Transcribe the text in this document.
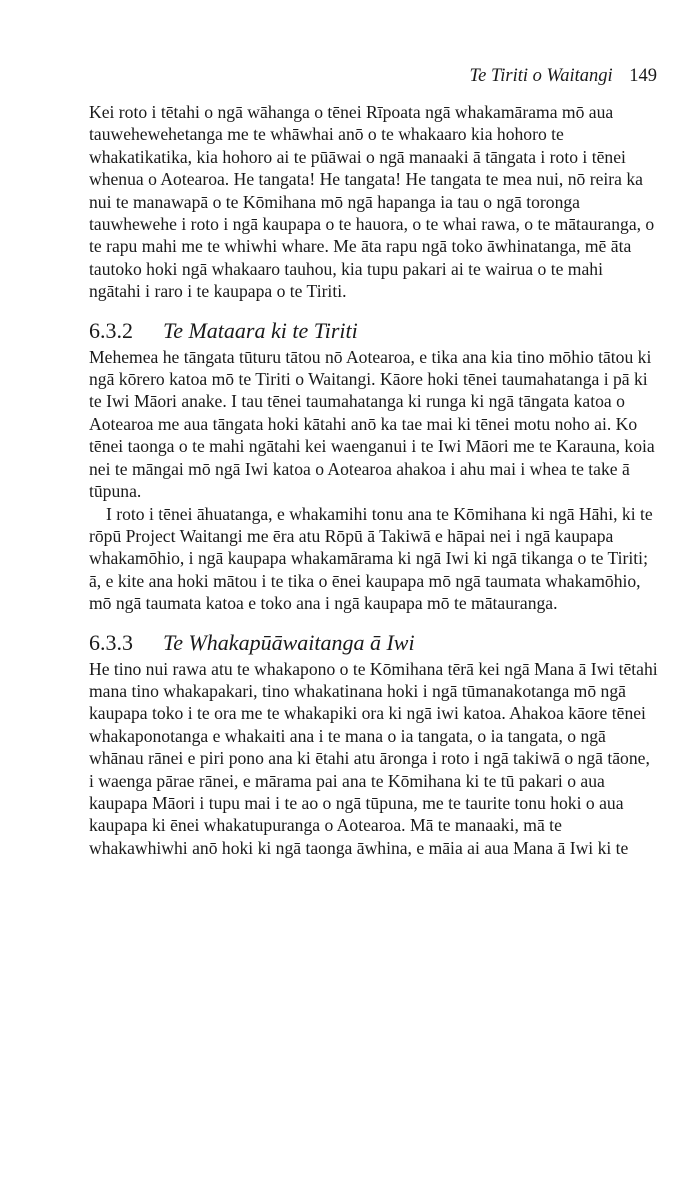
Te Tiriti o Waitangi 149

Kei roto i tētahi o ngā wāhanga o tēnei Rīpoata ngā whakamārama mō aua tauwehewehetanga me te whāwhai anō o te whakaaro kia hohoro te whakatikatika, kia hohoro ai te pūāwai o ngā manaaki ā tāngata i roto i tēnei whenua o Aotearoa. He tangata! He tangata! He tangata te mea nui, nō reira ka nui te manawapā o te Kōmihana mō ngā hapanga ia tau o ngā toronga tauwhewehe i roto i ngā kaupapa o te hauora, o te whai rawa, o te mātauranga, o te rapu mahi me te whiwhi whare. Me āta rapu ngā toko āwhinatanga, mē āta tautoko hoki ngā whakaaro tauhou, kia tupu pakari ai te wairua o te mahi ngātahi i raro i te kaupapa o te Tiriti.

6.3.2 Te Mataara ki te Tiriti

Mehemea he tāngata tūturu tātou nō Aotearoa, e tika ana kia tino mōhio tātou ki ngā kōrero katoa mō te Tiriti o Waitangi. Kāore hoki tēnei taumahatanga i pā ki te Iwi Māori anake. I tau tēnei taumahatanga ki runga ki ngā tāngata katoa o Aotearoa me aua tāngata hoki kātahi anō ka tae mai ki tēnei motu noho ai. Ko tēnei taonga o te mahi ngātahi kei waenganui i te Iwi Māori me te Karauna, koia nei te māngai mō ngā Iwi katoa o Aotearoa ahakoa i ahu mai i whea te take ā tūpuna.

I roto i tēnei āhuatanga, e whakamihi tonu ana te Kōmihana ki ngā Hāhi, ki te rōpū Project Waitangi me ēra atu Rōpū ā Takiwā e hāpai nei i ngā kaupapa whakamōhio, i ngā kaupapa whakamārama ki ngā Iwi ki ngā tikanga o te Tiriti; ā, e kite ana hoki mātou i te tika o ēnei kaupapa mō ngā taumata whakamōhio, mō ngā taumata katoa e toko ana i ngā kaupapa mō te mātauranga.

6.3.3 Te Whakapūāwaitanga ā Iwi

He tino nui rawa atu te whakapono o te Kōmihana tērā kei ngā Mana ā Iwi tētahi mana tino whakapakari, tino whakatinana hoki i ngā tūmanakotanga mō ngā kaupapa toko i te ora me te whakapiki ora ki ngā iwi katoa. Ahakoa kāore tēnei whakaponotanga e whakaiti ana i te mana o ia tangata, o ia tangata, o ngā whānau rānei e piri pono ana ki ētahi atu āronga i roto i ngā takiwā o ngā tāone, i waenga pārae rānei, e mārama pai ana te Kōmihana ki te tū pakari o aua kaupapa Māori i tupu mai i te ao o ngā tūpuna, me te taurite tonu hoki o aua kaupapa ki ēnei whakatupuranga o Aotearoa. Mā te manaaki, mā te whakawhiwhi anō hoki ki ngā taonga āwhina, e māia ai aua Mana ā Iwi ki te
